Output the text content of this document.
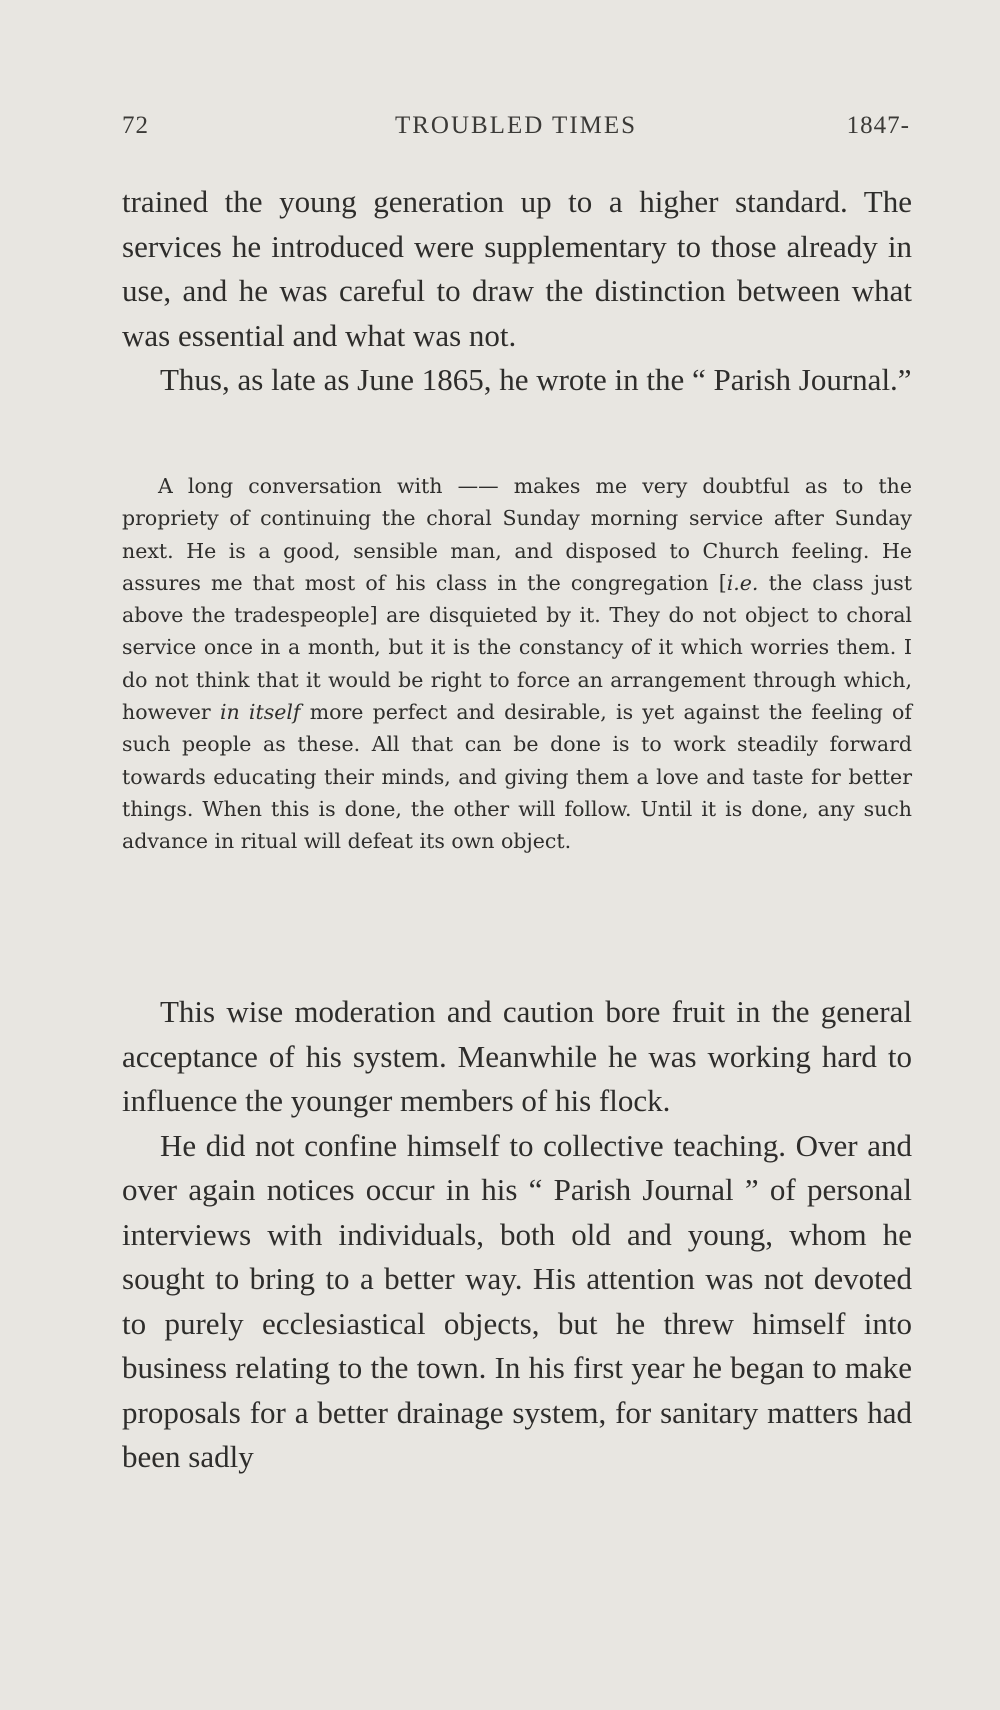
72	TROUBLED TIMES	1847-

trained the young generation up to a higher standard. The services he introduced were supplementary to those already in use, and he was careful to draw the distinction between what was essential and what was not.

Thus, as late as June 1865, he wrote in the “ Parish Journal.”

A long conversation with —— makes me very doubtful as to the propriety of continuing the choral Sunday morning service after Sunday next. He is a good, sensible man, and disposed to Church feeling. He assures me that most of his class in the congregation [i.e. the class just above the tradespeople] are disquieted by it. They do not object to choral service once in a month, but it is the constancy of it which worries them. I do not think that it would be right to force an arrangement through which, however in itself more perfect and desirable, is yet against the feeling of such people as these. All that can be done is to work steadily forward towards educating their minds, and giving them a love and taste for better things. When this is done, the other will follow. Until it is done, any such advance in ritual will defeat its own object.

This wise moderation and caution bore fruit in the general acceptance of his system. Meanwhile he was working hard to influence the younger members of his flock.

He did not confine himself to collective teaching. Over and over again notices occur in his “ Parish Journal ” of personal interviews with individuals, both old and young, whom he sought to bring to a better way. His attention was not devoted to purely ecclesiastical objects, but he threw himself into business relating to the town. In his first year he began to make proposals for a better drainage system, for sanitary matters had been sadly
